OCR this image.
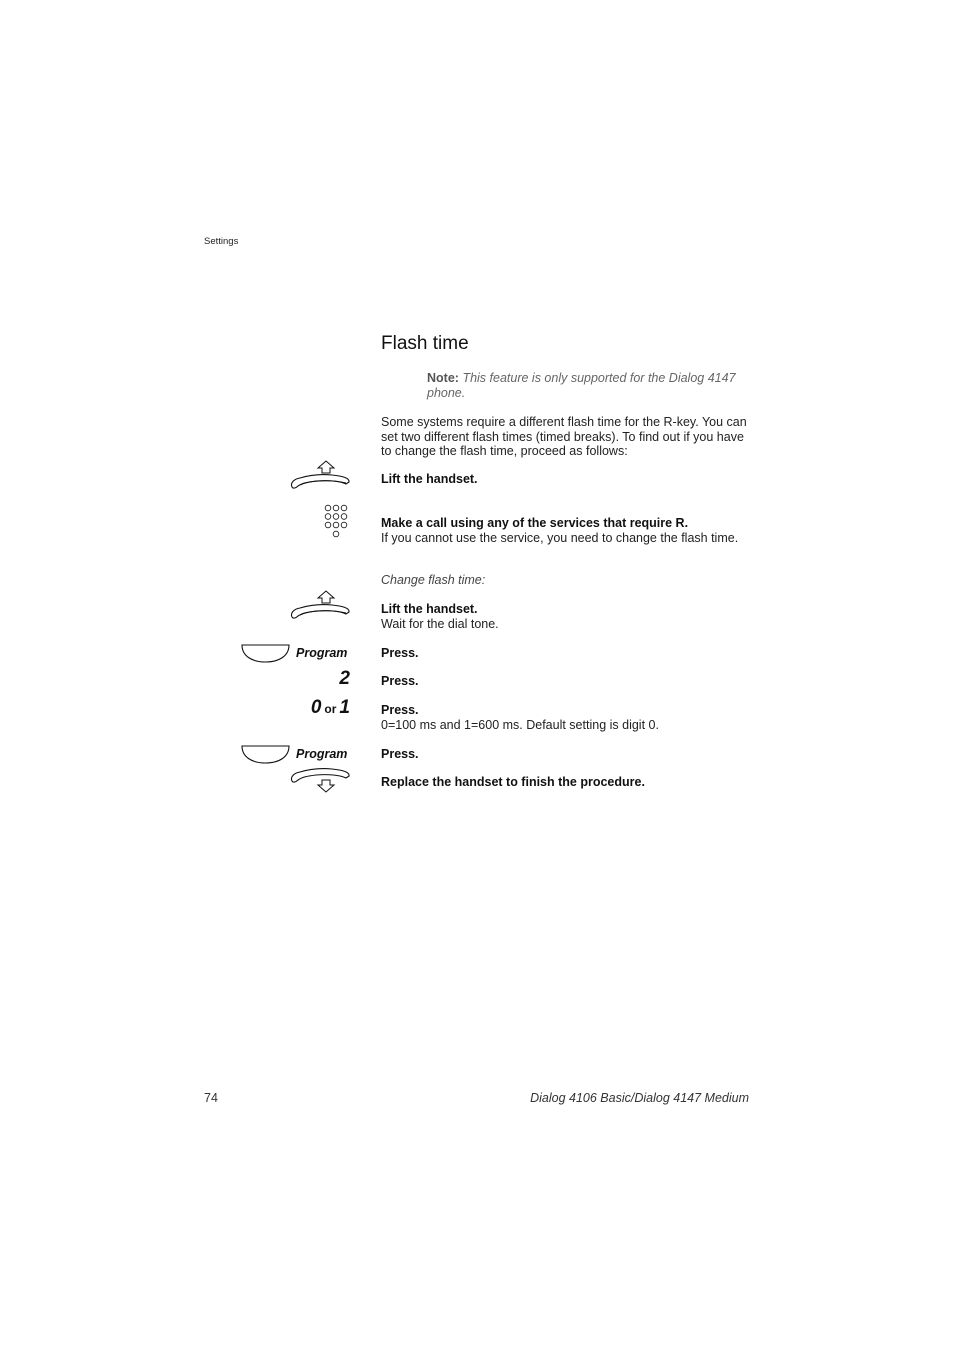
Settings
Flash time
Note: This feature is only supported for the Dialog 4147 phone.
Some systems require a different flash time for the R-key. You can set two different flash times (timed breaks). To find out if you have to change the flash time, proceed as follows:
Lift the handset.
Make a call using any of the services that require R.
If you cannot use the service, you need to change the flash time.
Change flash time:
Lift the handset.
Wait for the dial tone.
Program	Press.
2 Press.
0 or 1 Press.
0=100 ms and 1=600 ms. Default setting is digit 0.
Program	Press.
Replace the handset to finish the procedure.
74	Dialog 4106 Basic/Dialog 4147 Medium
